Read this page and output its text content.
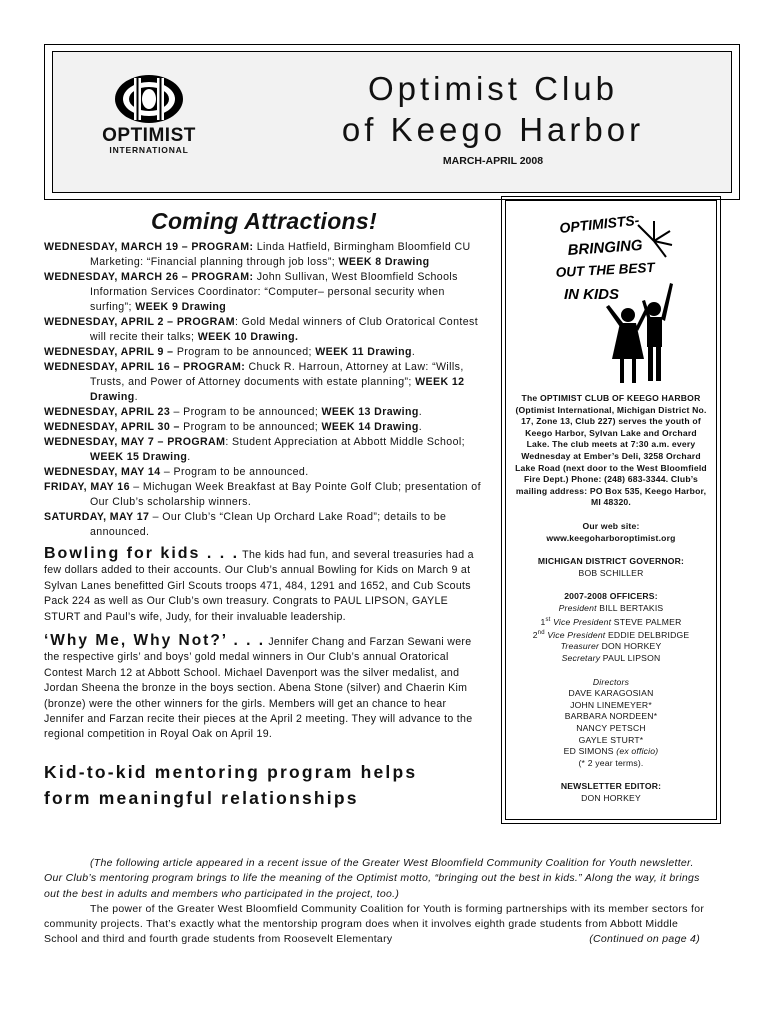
OPTIMIST
INTERNATIONAL
Optimist Club
of Keego Harbor
MARCH-APRIL 2008
Coming Attractions!
WEDNESDAY, MARCH 19 – PROGRAM: Linda Hatfield, Birmingham Bloomfield CU Marketing: “Financial planning through job loss”; WEEK 8 Drawing
WEDNESDAY, MARCH 26 – PROGRAM: John Sullivan, West Bloomfield Schools Information Services Coordinator: “Computer– personal security when surfing”; WEEK 9 Drawing
WEDNESDAY, APRIL 2 – PROGRAM: Gold Medal winners of Club Oratorical Contest will recite their talks; WEEK 10 Drawing.
WEDNESDAY, APRIL 9 – Program to be announced; WEEK 11 Drawing.
WEDNESDAY, APRIL 16 – PROGRAM: Chuck R. Harroun, Attorney at Law: “Wills, Trusts, and Power of Attorney documents with estate planning”; WEEK 12 Drawing.
WEDNESDAY, APRIL 23 – Program to be announced; WEEK 13 Drawing.
WEDNESDAY, APRIL 30 – Program to be announced; WEEK 14 Drawing.
WEDNESDAY, MAY 7 – PROGRAM: Student Appreciation at Abbott Middle School; WEEK 15 Drawing.
WEDNESDAY, MAY 14 – Program to be announced.
FRIDAY, MAY 16 – Michugan Week Breakfast at Bay Pointe Golf Club; presentation of Our Club’s scholarship winners.
SATURDAY, MAY 17 – Our Club’s “Clean Up Orchard Lake Road”; details to be announced.
Bowling for kids . . . The kids had fun, and several treasuries had a few dollars added to their accounts. Our Club’s annual Bowling for Kids on March 9 at Sylvan Lanes benefitted Girl Scouts troops 471, 484, 1291 and 1652, and Cub Scouts Pack 224 as well as Our Club’s own treasury. Congrats to PAUL LIPSON, GAYLE STURT and Paul’s wife, Judy, for their invaluable leadership.
‘Why Me, Why Not?’ . . . Jennifer Chang and Farzan Sewani were the respective girls’ and boys’ gold medal winners in Our Club’s annual Oratorical Contest March 12 at Abbott School. Michael Davenport was the silver medalist, and Jordan Sheena the bronze in the boys section. Abena Stone (silver) and Chaerin Kim (bronze) were the other winners for the girls. Members will get an chance to hear Jennifer and Farzan recite their pieces at the April 2 meeting. They will advance to the regional competition in Royal Oak on April 19.
Kid-to-kid mentoring program helps
form meaningful relationships

(The following article appeared in a recent issue of the Greater West Bloomfield Community Coalition for Youth newsletter. Our Club’s mentoring program brings to life the meaning of the Optimist motto, “bringing out the best in kids.” Along the way, it brings out the best in adults and members who participated in the project, too.)

The power of the Greater West Bloomfield Community Coalition for Youth is forming partnerships with its member sectors for community projects. That’s exactly what the mentorship program does when it involves eighth grade students from Abbott Middle School and third and fourth grade students from Roosevelt Elementary	(Continued on page 4)

OPTIMISTS-
BRINGING
OUT THE BEST
IN KIDS
The OPTIMIST CLUB OF KEEGO HARBOR (Optimist International, Michigan District No. 17, Zone 13, Club 227) serves the youth of Keego Harbor, Sylvan Lake and Orchard Lake. The club meets at 7:30 a.m. every Wednesday at Ember’s Deli, 3258 Orchard Lake Road (next door to the West Bloomfield Fire Dept.) Phone: (248) 683-3344. Club’s mailing address: PO Box 535, Keego Harbor, MI 48320.
Our web site:
www.keegoharboroptimist.org
MICHIGAN DISTRICT GOVERNOR:
BOB SCHILLER
2007-2008 OFFICERS:
President BILL BERTAKIS
1st Vice President STEVE PALMER
2nd Vice President EDDIE DELBRIDGE
Treasurer DON HORKEY
Secretary PAUL LIPSON
Directors
DAVE KARAGOSIAN
JOHN LINEMEYER*
BARBARA NORDEEN*
NANCY PETSCH
GAYLE STURT*
ED SIMONS (ex officio)
(* 2 year terms).
NEWSLETTER EDITOR:
DON HORKEY
